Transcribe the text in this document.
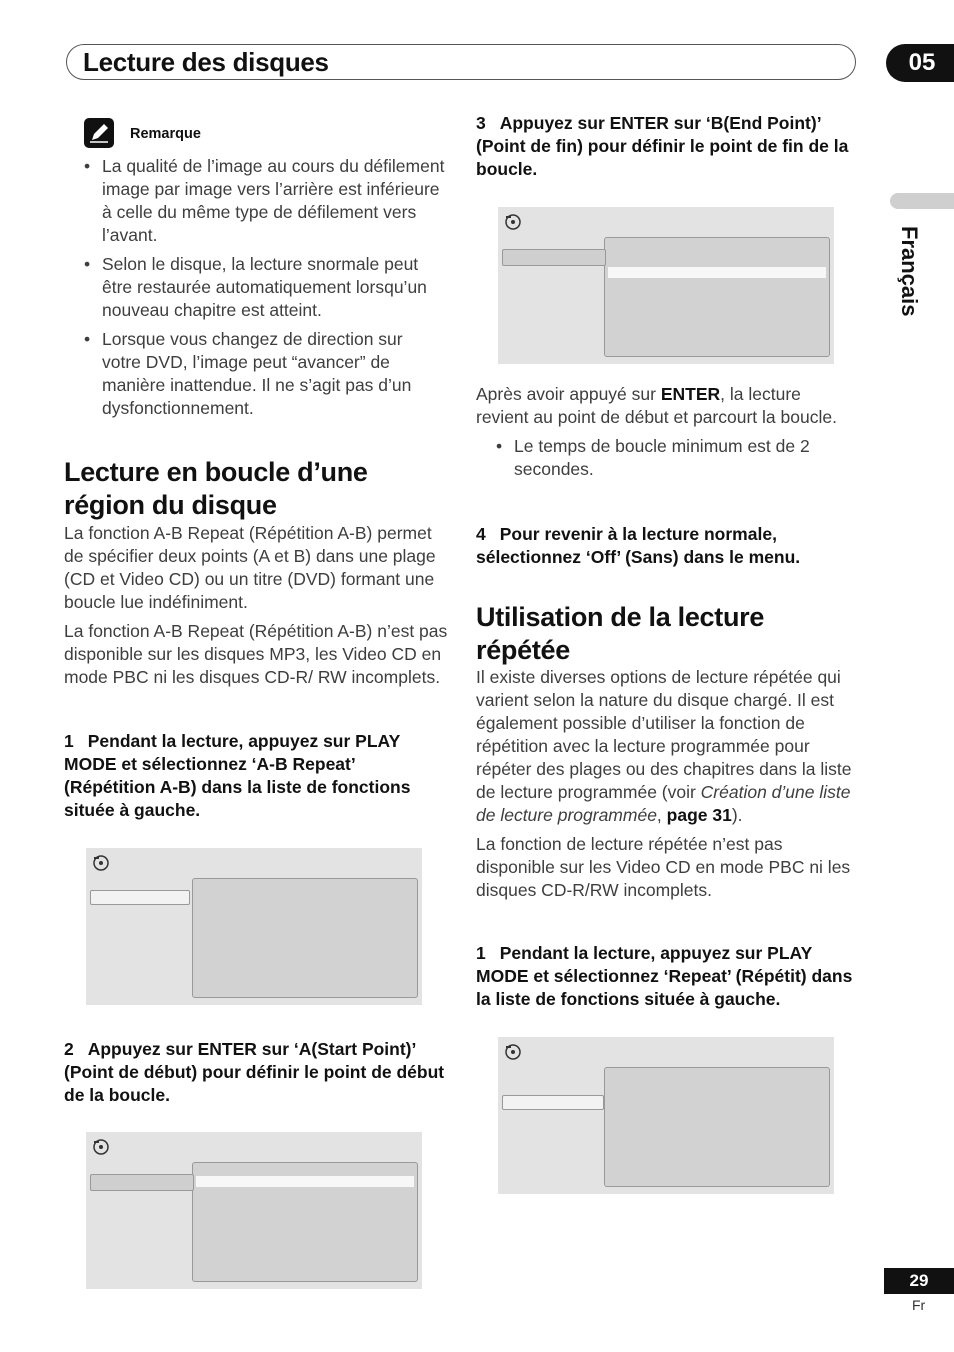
Lecture des disques	05
Français
Remarque
• La qualité de l’image au cours du défilement image par image vers l’arrière est inférieure à celle du même type de défilement vers l’avant.
• Selon le disque, la lecture snormale peut être restaurée automatiquement lorsqu’un nouveau chapitre est atteint.
• Lorsque vous changez de direction sur votre DVD, l’image peut “avancer” de manière inattendue. Il ne s’agit pas d’un dysfonctionnement.
Lecture en boucle d’une
région du disque

La fonction A-B Repeat (Répétition A-B) permet de spécifier deux points (A et B) dans une plage (CD et Video CD) ou un titre (DVD) formant une boucle lue indéfiniment.

La fonction A-B Repeat (Répétition A-B) n’est pas disponible sur les disques MP3, les Video CD en mode PBC ni les disques CD-R/ RW incomplets.

1 Pendant la lecture, appuyez sur PLAY MODE et sélectionnez ‘A-B Repeat’ (Répétition A-B) dans la liste de fonctions située à gauche.
2 Appuyez sur ENTER sur ‘A(Start Point)’ (Point de début) pour définir le point de début de la boucle.
3 Appuyez sur ENTER sur ‘B(End Point)’ (Point de fin) pour définir le point de fin de la boucle.

Après avoir appuyé sur ENTER, la lecture revient au point de début et parcourt la boucle.

• Le temps de boucle minimum est de 2 secondes.
4 Pour revenir à la lecture normale, sélectionnez ‘Off’ (Sans) dans le menu.
Utilisation de la lecture
répétée

Il existe diverses options de lecture répétée qui varient selon la nature du disque chargé. Il est également possible d’utiliser la fonction de répétition avec la lecture programmée pour répéter des plages ou des chapitres dans la liste de lecture programmée (voir Création d’une liste de lecture programmée, page 31).

La fonction de lecture répétée n’est pas disponible sur les Video CD en mode PBC ni les disques CD-R/RW incomplets.

1 Pendant la lecture, appuyez sur PLAY MODE et sélectionnez ‘Repeat’ (Répétit) dans la liste de fonctions située à gauche.
29
Fr
